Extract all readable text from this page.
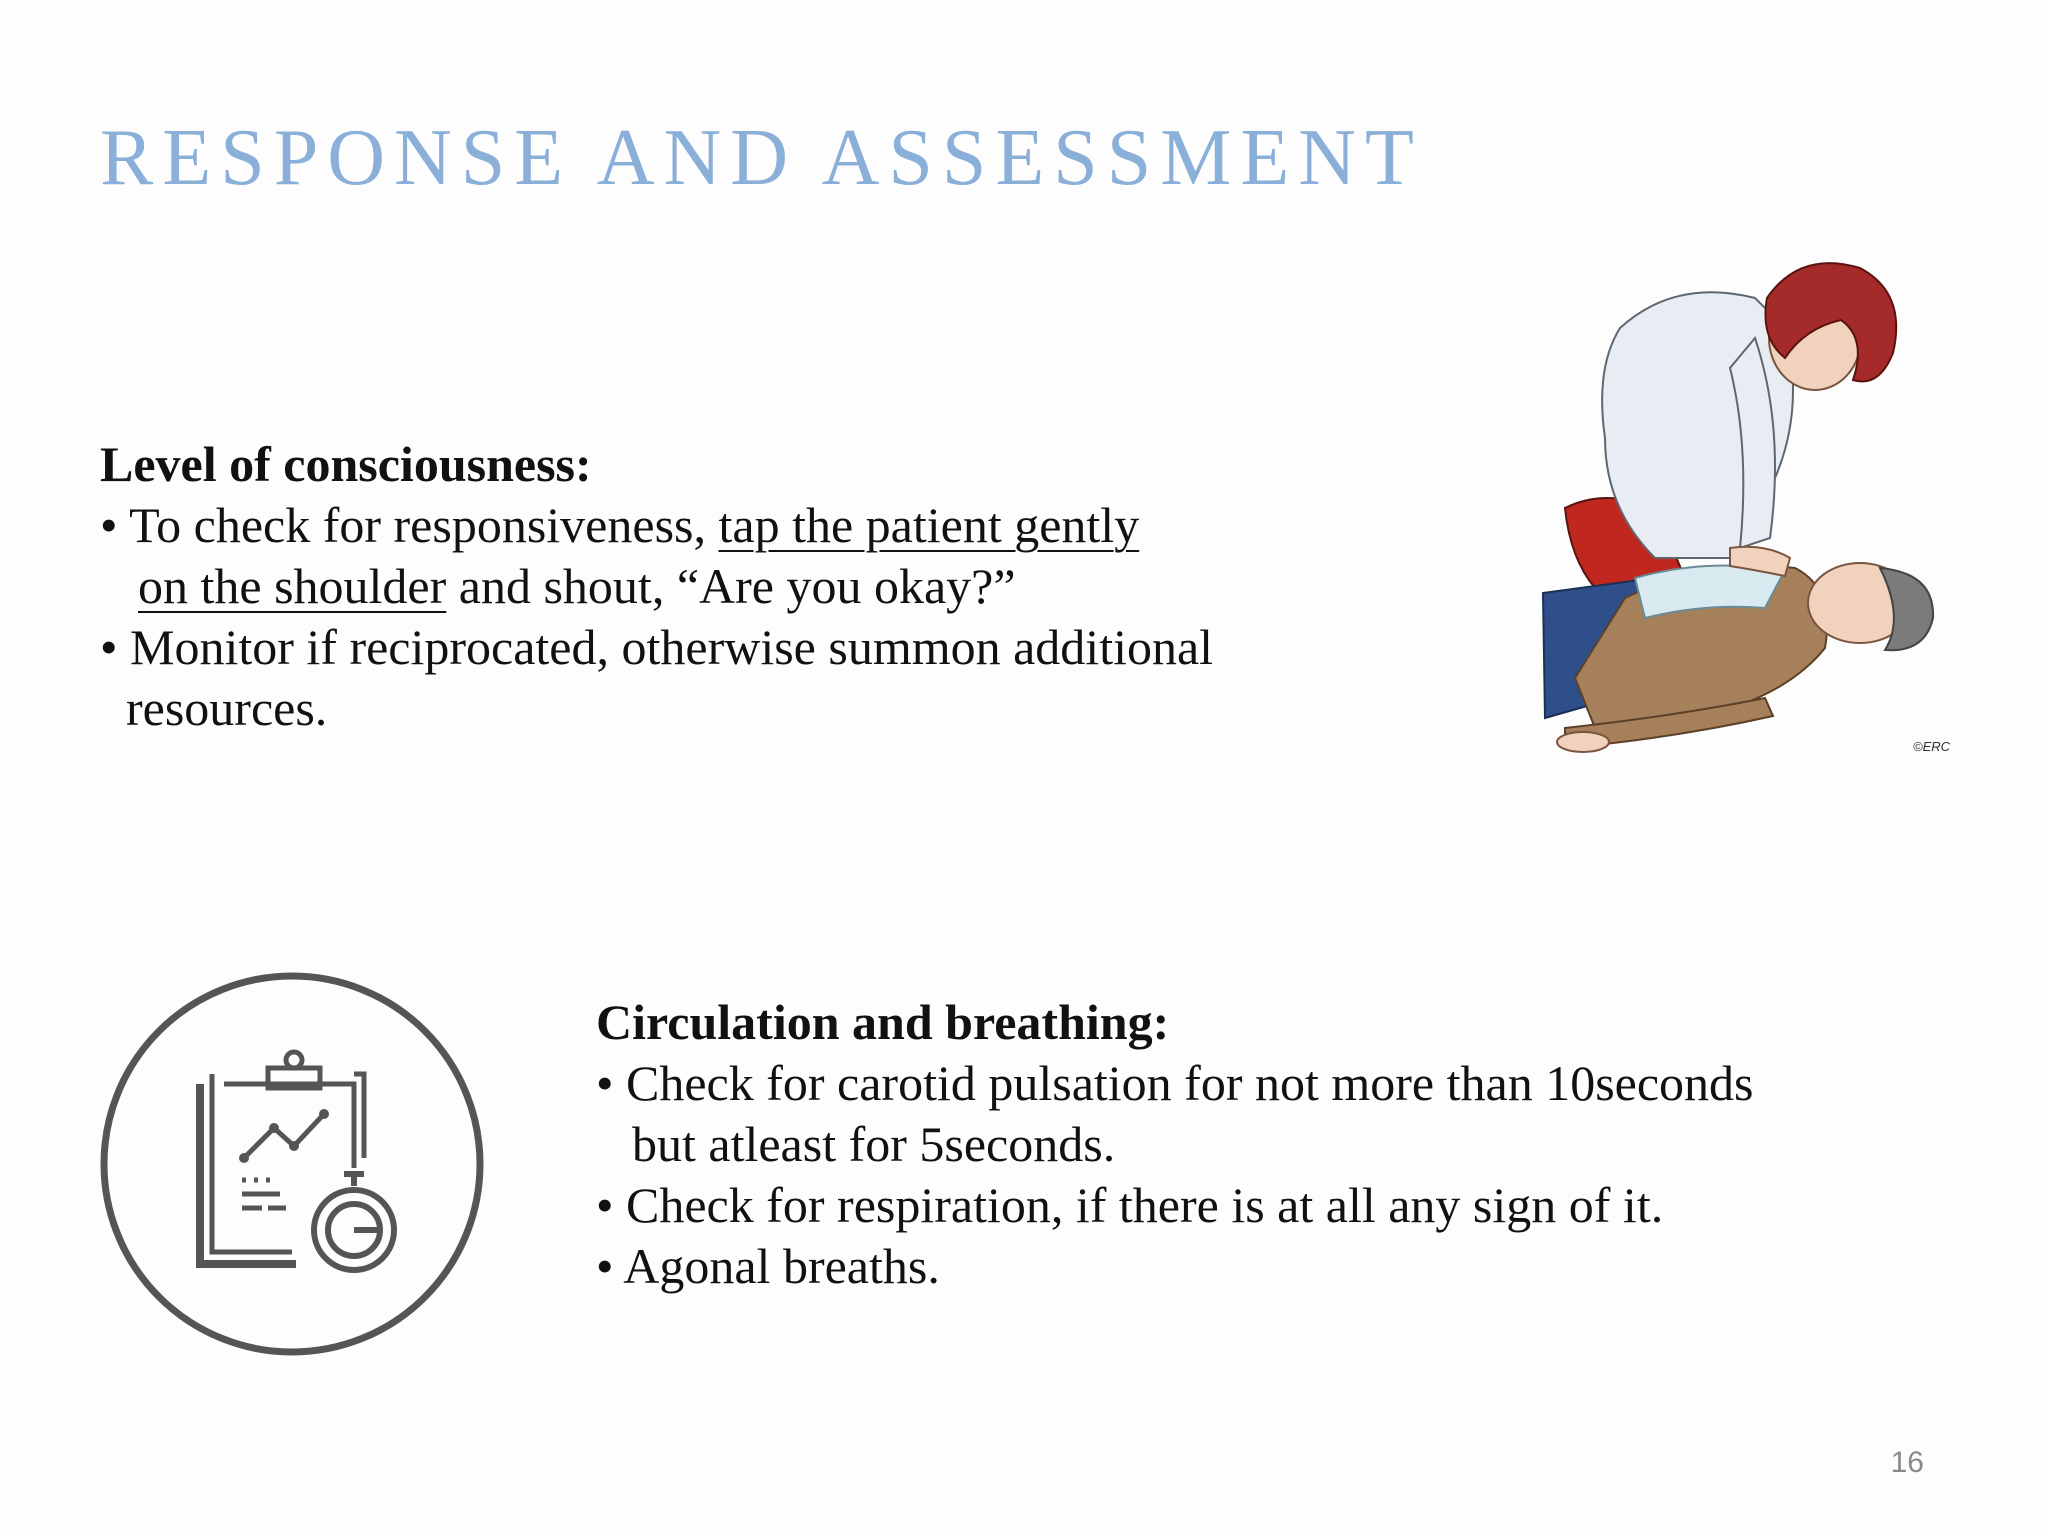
RESPONSE AND ASSESSMENT

Level of consciousness:

• To check for responsiveness, tap the patient gently

on the shoulder and shout, “Are you okay?”

• Monitor if reciprocated, otherwise summon additional

resources.

©ERC

Circulation and breathing:

• Check for carotid pulsation for not more than 10seconds

but atleast for 5seconds.

• Check for respiration, if there is at all any sign of it.

• Agonal breaths.

16
